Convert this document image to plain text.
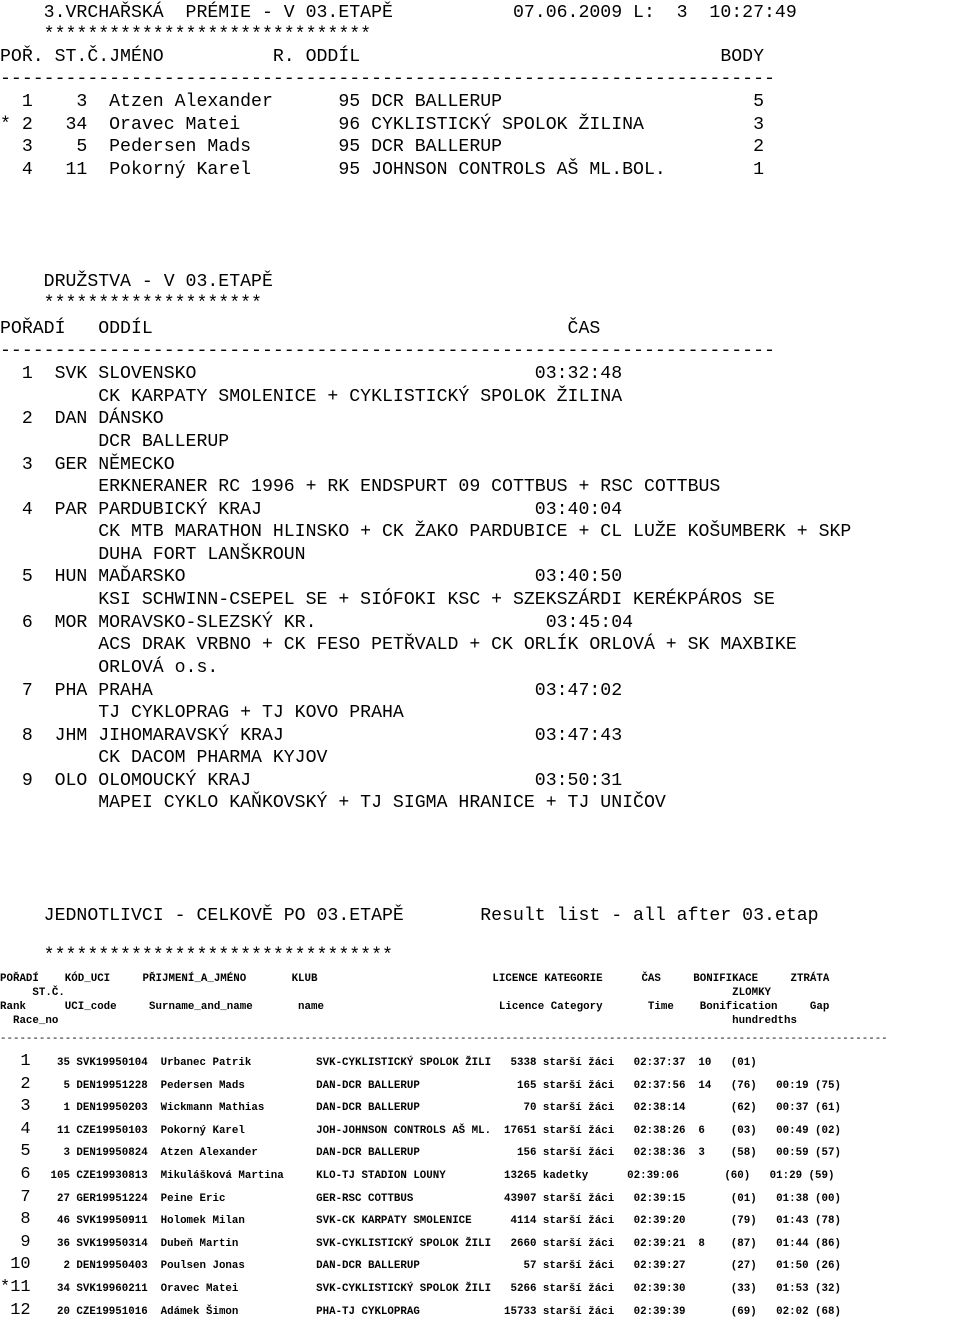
3.VRCHAŘSKÁ  PRÉMIE - V 03.ETAPĚ           07.06.2009 L:  3  10:27:49
******************************
POŘ. ST.Č.JMÉNO          R. ODDÍL                                 BODY
-----------------------------------------------------------------------
1    3  Atzen Alexander      95 DCR BALLERUP                       5
* 2   34  Oravec Matei         96 CYKLISTICKÝ SPOLOK ŽILINA          3
3    5  Pedersen Mads        95 DCR BALLERUP                       2
4   11  Pokorný Karel        95 JOHNSON CONTROLS AŠ ML.BOL.        1
DRUŽSTVA - V 03.ETAPĚ
********************
POŘADÍ   ODDÍL                                      ČAS
-----------------------------------------------------------------------
1  SVK SLOVENSKO                               03:32:48
CK KARPATY SMOLENICE + CYKLISTICKÝ SPOLOK ŽILINA
2  DAN DÁNSKO
DCR BALLERUP
3  GER NĚMECKO
ERKNERANER RC 1996 + RK ENDSPURT 09 COTTBUS + RSC COTTBUS
4  PAR PARDUBICKÝ KRAJ                         03:40:04
CK MTB MARATHON HLINSKO + CK ŽAKO PARDUBICE + CL LUŽE KOŠUMBERK + SKP
DUHA FORT LANŠKROUN
5  HUN MAĎARSKO                                03:40:50
KSI SCHWINN-CSEPEL SE + SIÓFOKI KSC + SZEKSZÁRDI KERÉKPÁROS SE
6  MOR MORAVSKO-SLEZSKÝ KR.                     03:45:04
ACS DRAK VRBNO + CK FESO PETŘVALD + CK ORLÍK ORLOVÁ + SK MAXBIKE
ORLOVÁ o.s.
7  PHA PRAHA                                   03:47:02
TJ CYKLOPRAG + TJ KOVO PRAHA
8  JHM JIHOMARAVSKÝ KRAJ                       03:47:43
CK DACOM PHARMA KYJOV
9  OLO OLOMOUCKÝ KRAJ                          03:50:31
MAPEI CYKLO KAŇKOVSKÝ + TJ SIGMA HRANICE + TJ UNIČOV
JEDNOTLIVCI - CELKOVĚ PO 03.ETAPĚ       Result list - all after 03.etap
********************************
POŘADÍ    KÓD_UCI     PŘIJMENÍ_A_JMÉNO       KLUB                           LICENCE KATEGORIE      ČAS     BONIFIKACE     ZTRÁTA
ST.Č.                                                                                                       ZLOMKY
Rank      UCI_code     Surname_and_name       name                           Licence Category       Time    Bonification     Gap
Race_no                                                                                                        hundredths
-----------------------------------------------------------------------------------------------------------------------------------------
1 35 SVK19950104  Urbanec Patrik          SVK-CYKLISTICKÝ SPOLOK ŽILI   5338 starší žáci   02:37:37  10   (01)
2 5 DEN19951228  Pedersen Mads           DAN-DCR BALLERUP               165 starší žáci   02:37:56  14   (76)   00:19 (75)
3 1 DEN19950203  Wickmann Mathias        DAN-DCR BALLERUP                70 starší žáci   02:38:14       (62)   00:37 (61)
4 11 CZE19950103  Pokorný Karel           JOH-JOHNSON CONTROLS AŠ ML.  17651 starší žáci   02:38:26  6    (03)   00:49 (02)
5 3 DEN19950824  Atzen Alexander         DAN-DCR BALLERUP               156 starší žáci   02:38:36  3    (58)   00:59 (57)
6 105 CZE19930813  Mikulášková Martina     KLO-TJ STADION LOUNY         13265 kadetky      02:39:06       (60)   01:29 (59)
7 27 GER19951224  Peine Eric              GER-RSC COTTBUS              43907 starší žáci   02:39:15       (01)   01:38 (00)
8 46 SVK19950911  Holomek Milan           SVK-CK KARPATY SMOLENICE      4114 starší žáci   02:39:20       (79)   01:43 (78)
9 36 SVK19950314  Dubeň Martin            SVK-CYKLISTICKÝ SPOLOK ŽILI   2660 starší žáci   02:39:21  8    (87)   01:44 (86)
10 2 DEN19950403  Poulsen Jonas           DAN-DCR BALLERUP                57 starší žáci   02:39:27       (27)   01:50 (26)
*11 34 SVK19960211  Oravec Matei            SVK-CYKLISTICKÝ SPOLOK ŽILI   5266 starší žáci   02:39:30       (33)   01:53 (32)
12 20 CZE19951016  Adámek Šimon            PHA-TJ CYKLOPRAG             15733 starší žáci   02:39:39       (69)   02:02 (68)
